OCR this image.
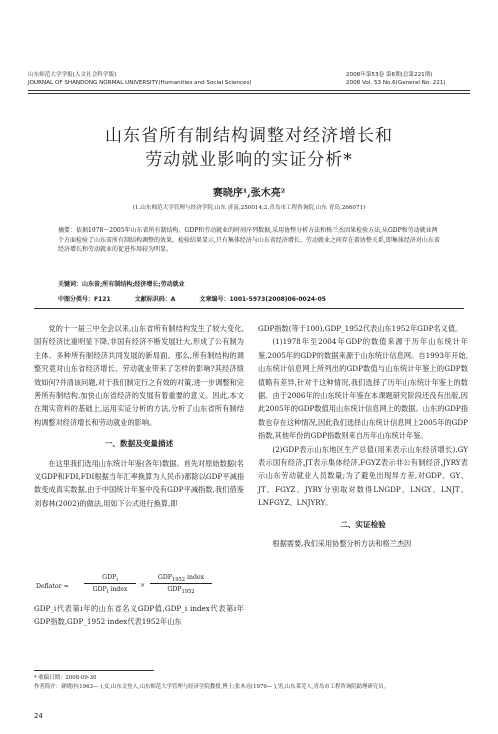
山东师范大学学报(人文社会科学版)
JOURNAL OF SHANDONG NORMAL UNIVERSITY(Humanities and Social Sciences)
2008年第53卷 第6期(总第221期)
2008 Vol. 53 No.6(General No. 221)
山东省所有制结构调整对经济增长和
劳动就业影响的实证分析*
赛晓序¹,张木亮²
(1.山东师范大学管理与经济学院,山东 济南,250014;2.青岛市工程咨询院,山东 青岛,266071)
摘要：依据1978～2005年山东省所有制结构、GDP和劳动就业的时间序列数据,采用协整分析方法和格兰杰因果检验方法,从GDP和劳动就业两个方面检验了山东省所有制结构调整的效果。检验结果显示,只有集体经济与山东省经济增长、劳动就业之间存在着协整关系,即集体经济对山东省经济增长和劳动就业的促进作用较为明显。
关键词：山东省;所有制结构;经济增长;劳动就业
中图分类号：F121	文献标识码：A	文章编号：1001-5973(2008)06-0024-05
党的十一届三中全会以来,山东省所有制结构发生了较大变化,国有经济比重明显下降,非国有经济不断发展壮大,形成了公有制为主体、多种所有制经济共同发展的新局面。那么,所有制结构的调整究竟对山东省经济增长、劳动就业带来了怎样的影响?其经济绩效如何?并清该问题,对于我们制定行之有效的对策,进一步调整和完善所有制结构,加快山东省经济的发展有着重要的意义。因此,本文在翔实资料的基础上,运用实证分析的方法,分析了山东省所有制结构调整对经济增长和劳动就业的影响。
一、数据及变量描述
在这里我们选用山东统计年鉴(各年)数据。首先对原始数据(名义GDP和FDI,FDI根据当年汇率换算为人民币)都除以GDP平减指数变成真实数据,由于中国统计年鉴中没有GDP平减指数,我们借鉴刘春林(2002)的做法,用如下公式进行换算,即
Deflator =
$GDP_i$
$GDP_i$ index
×
$GDP_{1952}$ index
$GDP_{1952}$
GDP_i代表第i年的山东省名义GDP值,GDP_i index代表第i年GDP指数,GDP_1952 index代表1952年山东
GDP指数(等于100),GDP_1952代表山东1952年GDP名义值。
(1)1978年至2004年GDP的数值来源于历年山东统计年鉴,2005年的GDP的数据来源于山东统计信息网。自1993年开始,山东统计信息网上所列出的GDP数值与山东统计年鉴上的GDP数值略有差异,针对于这种情况,我们选择了历年山东统计年鉴上的数据。由于2006年的山东统计年鉴在本课题研究阶段还没有出版,因此2005年的GDP数值用山东统计信息网上的数据。山东的GDP指数也存在这种情况,因此我们选择山东统计信息网上2005年的GDP指数,其他年份的GDP指数则来自历年山东统计年鉴。
(2)GDP表示山东地区生产总值(用来表示山东经济增长),GY表示国有经济,JT表示集体经济,FGYZ表示非公有制经济,JYRY表示山东劳动就业人员数量;为了避免出现异方差,对GDP、GY、JT、FGYZ、JYRY分别取对数得LNGDP、LNGY、LNJT、LNFGYZ、LNJYRY。
二、实证检验
根据需要,我们采用协整分析方法和格兰杰因
* 收稿日期：2008-09-30
作者简介：赛晓序(1963— ),女,山东文登人,山东师范大学管理与经济学院教授,博士;张木亮(1979— ),男,山东莱芜人,青岛市工程咨询院助理研究员。
24
